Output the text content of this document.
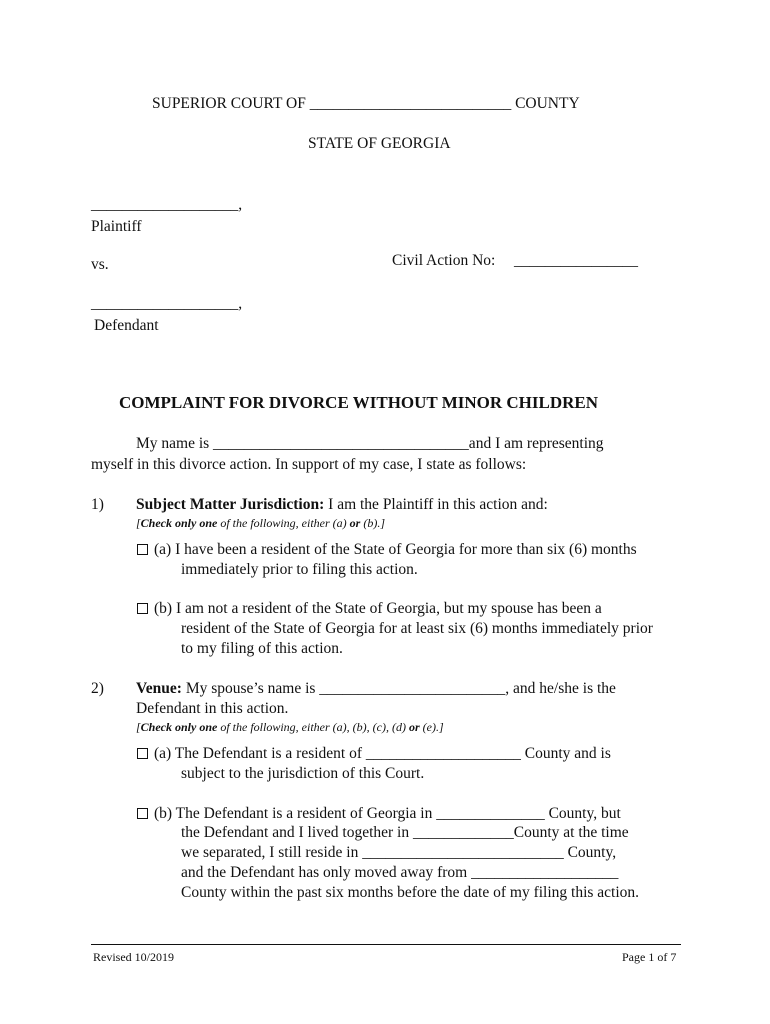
SUPERIOR COURT OF __________________________ COUNTY
STATE OF GEORGIA
___________________,
Plaintiff
vs.	Civil Action No: ________________
___________________,
Defendant
COMPLAINT FOR DIVORCE WITHOUT MINOR CHILDREN
My name is _________________________________and I am representing
myself in this divorce action. In support of my case, I state as follows:
1) Subject Matter Jurisdiction: I am the Plaintiff in this action and:
[Check only one of the following, either (a) or (b).]
(a) I have been a resident of the State of Georgia for more than six (6) months
immediately prior to filing this action.
(b) I am not a resident of the State of Georgia, but my spouse has been a
resident of the State of Georgia for at least six (6) months immediately prior
to my filing of this action.
2) Venue: My spouse’s name is ________________________, and he/she is the
Defendant in this action.
[Check only one of the following, either (a), (b), (c), (d) or (e).]
(a) The Defendant is a resident of ____________________ County and is
subject to the jurisdiction of this Court.
(b) The Defendant is a resident of Georgia in ______________ County, but
the Defendant and I lived together in _____________County at the time
we separated, I still reside in __________________________ County,
and the Defendant has only moved away from ___________________
County within the past six months before the date of my filing this action.
Revised 10/2019	Page 1 of 7
